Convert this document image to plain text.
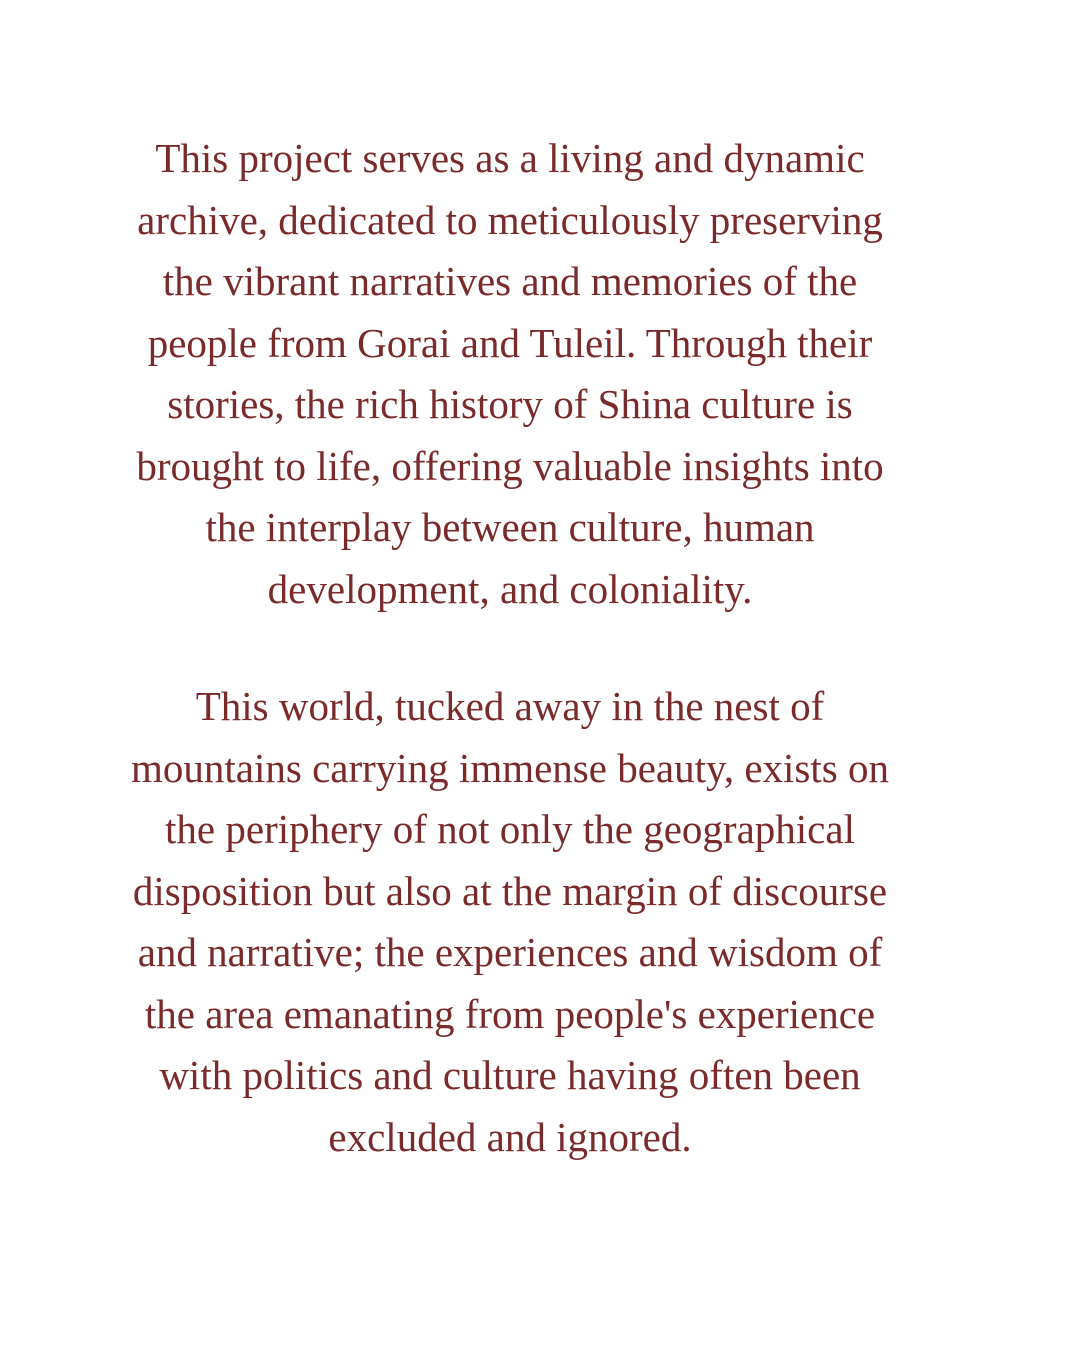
This project serves as a living and dynamic
archive, dedicated to meticulously preserving
the vibrant narratives and memories of the
people from Gorai and Tuleil. Through their
stories, the rich history of Shina culture is
brought to life, offering valuable insights into
the interplay between culture, human
development, and coloniality.

This world, tucked away in the nest of
mountains carrying immense beauty, exists on
the periphery of not only the geographical
disposition but also at the margin of discourse
and narrative; the experiences and wisdom of
the area emanating from people's experience
with politics and culture having often been
excluded and ignored.
